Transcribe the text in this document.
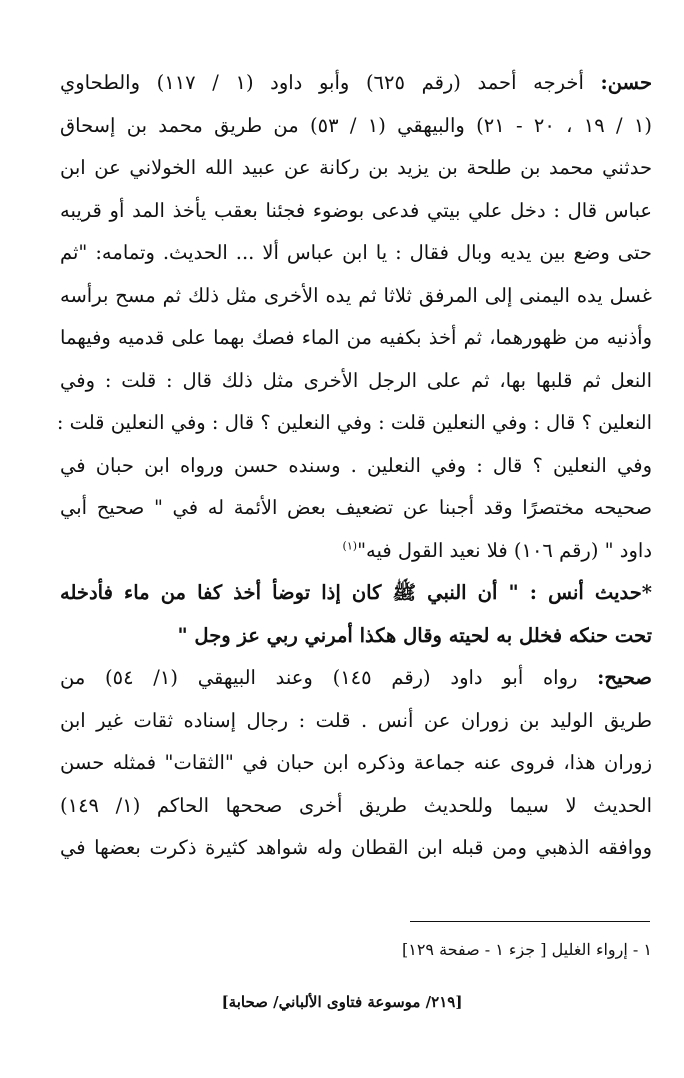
حسن: أخرجه أحمد (رقم ٦٢٥) وأبو داود (١ / ١١٧) والطحاوي
(١ / ١٩ ، ٢٠ - ٢١) والبيهقي (١ / ٥٣) من طريق محمد بن إسحاق
حدثني محمد بن طلحة بن يزيد بن ركانة عن عبيد الله الخولاني عن ابن
عباس قال : دخل علي بيتي فدعى بوضوء فجئنا بعقب يأخذ المد أو قريبه
حتى وضع بين يديه وبال فقال : يا ابن عباس ألا ... الحديث. وتمامه: "ثم
غسل يده اليمنى إلى المرفق ثلاثا ثم يده الأخرى مثل ذلك ثم مسح برأسه
وأذنيه من ظهورهما، ثم أخذ بكفيه من الماء فصك بهما على قدميه وفيهما
النعل ثم قلبها بها، ثم على الرجل الأخرى مثل ذلك قال : قلت : وفي
النعلين ؟ قال : وفي النعلين قلت : وفي النعلين ؟ قال : وفي النعلين قلت :
وفي النعلين ؟ قال : وفي النعلين . وسنده حسن ورواه ابن حبان في
صحيحه مختصرًا وقد أجبنا عن تضعيف بعض الأئمة له في " صحيح أبي
داود " (رقم ١٠٦) فلا نعيد القول فيه"$^{(١)}$
*حديث أنس : " أن النبي ﷺ كان إذا توضأ أخذ كفا من ماء فأدخله
تحت حنكه فخلل به لحيته وقال هكذا أمرني ربي عز وجل "
صحيح: رواه أبو داود (رقم ١٤٥) وعند البيهقي (١/ ٥٤) من
طريق الوليد بن زوران عن أنس . قلت : رجال إسناده ثقات غير ابن
زوران هذا، فروى عنه جماعة وذكره ابن حبان في "الثقات" فمثله حسن
الحديث لا سيما وللحديث طريق أخرى صححها الحاكم (١/ ١٤٩)
ووافقه الذهبي ومن قبله ابن القطان وله شواهد كثيرة ذكرت بعضها في
١ - إرواء الغليل [ جزء ١ - صفحة ١٢٩]
[٢١٩/ موسوعة فتاوى الألباني/ صحابة]
